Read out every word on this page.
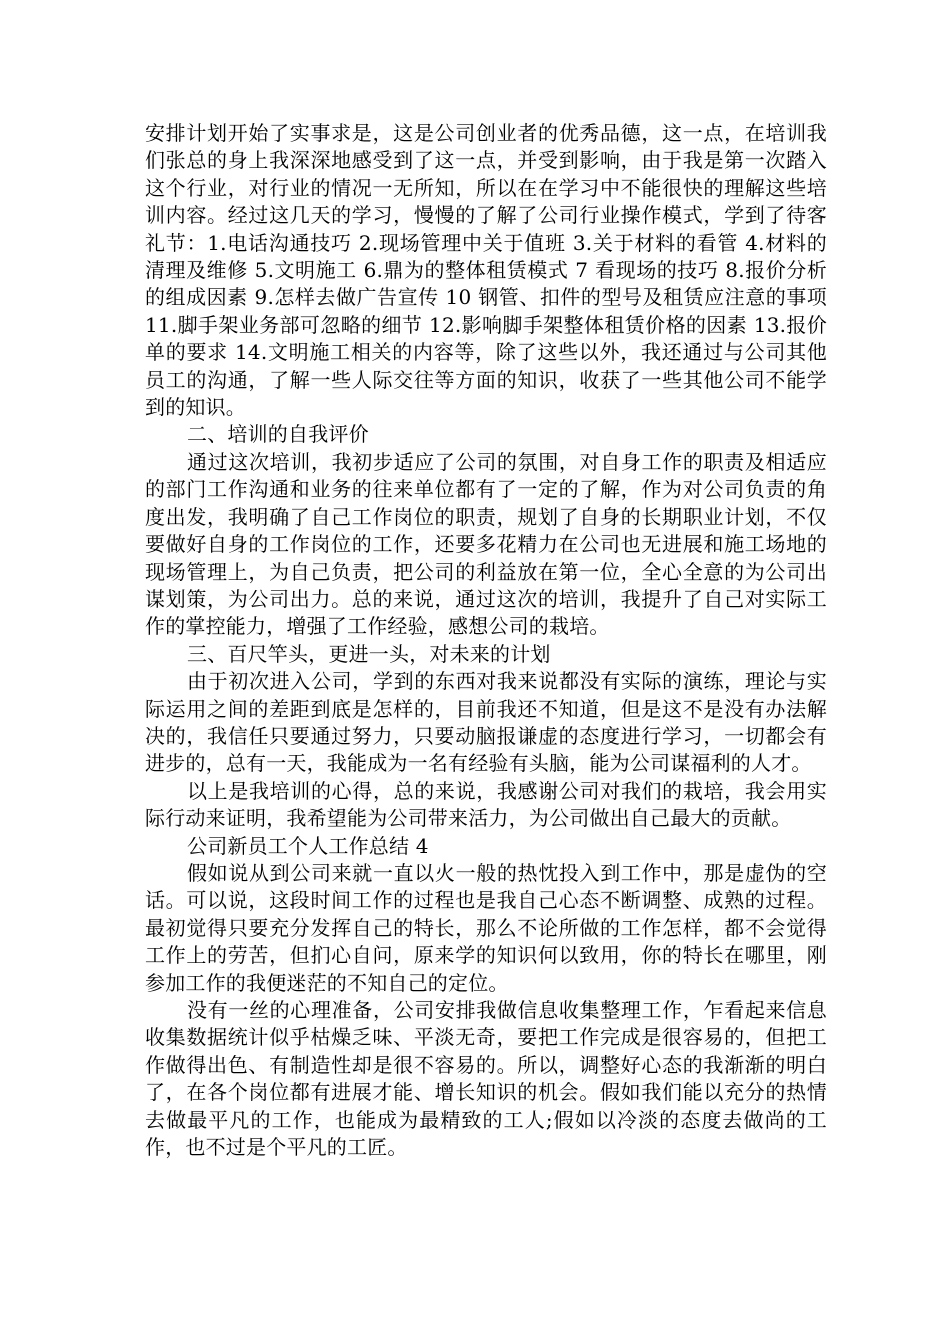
安排计划开始了实事求是，这是公司创业者的优秀品德，这一点，在培训我们张总的身上我深深地感受到了这一点，并受到影响，由于我是第一次踏入这个行业，对行业的情况一无所知，所以在在学习中不能很快的理解这些培训内容。经过这几天的学习，慢慢的了解了公司行业操作模式，学到了待客礼节：1.电话沟通技巧 2.现场管理中关于值班 3.关于材料的看管 4.材料的清理及维修 5.文明施工 6.鼎为的整体租赁模式 7 看现场的技巧 8.报价分析的组成因素 9.怎样去做广告宣传 10 钢管、扣件的型号及租赁应注意的事项 11.脚手架业务部可忽略的细节 12.影响脚手架整体租赁价格的因素 13.报价单的要求 14.文明施工相关的内容等，除了这些以外，我还通过与公司其他员工的沟通，了解一些人际交往等方面的知识，收获了一些其他公司不能学到的知识。

二、培训的自我评价

通过这次培训，我初步适应了公司的氛围，对自身工作的职责及相适应的部门工作沟通和业务的往来单位都有了一定的了解，作为对公司负责的角度出发，我明确了自己工作岗位的职责，规划了自身的长期职业计划，不仅要做好自身的工作岗位的工作，还要多花精力在公司也无进展和施工场地的现场管理上，为自己负责，把公司的利益放在第一位，全心全意的为公司出谋划策，为公司出力。总的来说，通过这次的培训，我提升了自己对实际工作的掌控能力，增强了工作经验，感想公司的栽培。

三、百尺竿头，更进一头，对未来的计划

由于初次进入公司，学到的东西对我来说都没有实际的演练，理论与实际运用之间的差距到底是怎样的，目前我还不知道，但是这不是没有办法解决的，我信任只要通过努力，只要动脑报谦虚的态度进行学习，一切都会有进步的，总有一天，我能成为一名有经验有头脑，能为公司谋福利的人才。

以上是我培训的心得，总的来说，我感谢公司对我们的栽培，我会用实际行动来证明，我希望能为公司带来活力，为公司做出自己最大的贡献。

公司新员工个人工作总结 4

假如说从到公司来就一直以火一般的热忱投入到工作中，那是虚伪的空话。可以说，这段时间工作的过程也是我自己心态不断调整、成熟的过程。最初觉得只要充分发挥自己的特长，那么不论所做的工作怎样，都不会觉得工作上的劳苦，但扪心自问，原来学的知识何以致用，你的特长在哪里，刚参加工作的我便迷茫的不知自己的定位。

没有一丝的心理准备，公司安排我做信息收集整理工作，乍看起来信息收集数据统计似乎枯燥乏味、平淡无奇，要把工作完成是很容易的，但把工作做得出色、有制造性却是很不容易的。所以，调整好心态的我渐渐的明白了，在各个岗位都有进展才能、增长知识的机会。假如我们能以充分的热情去做最平凡的工作，也能成为最精致的工人;假如以冷淡的态度去做尚的工作，也不过是个平凡的工匠。
